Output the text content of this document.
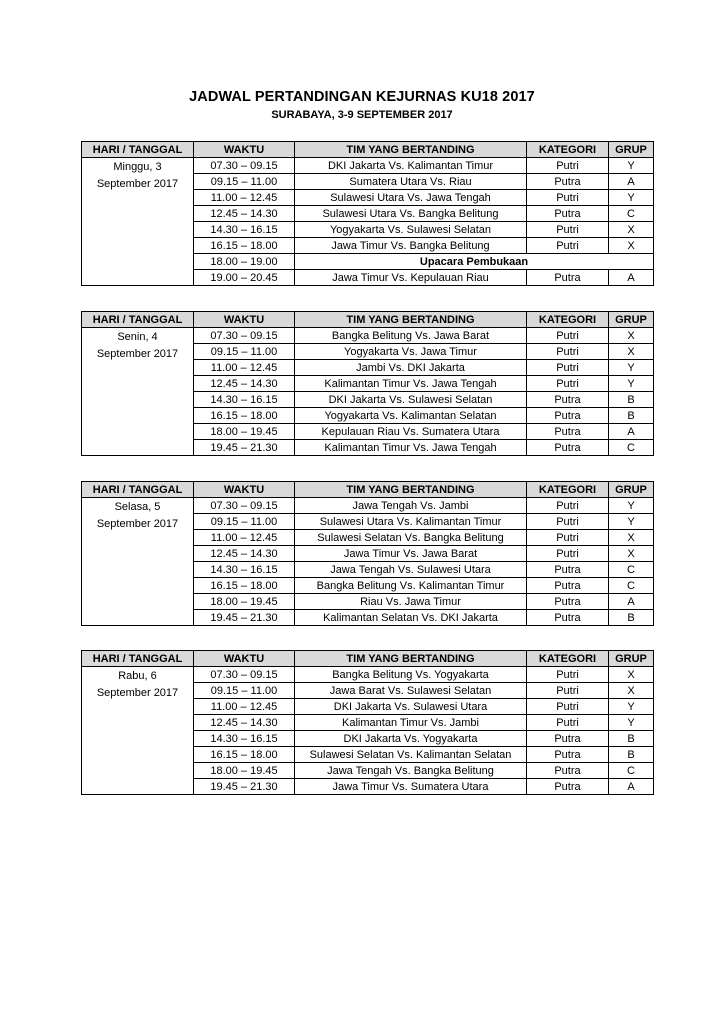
JADWAL PERTANDINGAN KEJURNAS KU18 2017
SURABAYA, 3-9 SEPTEMBER 2017
HARI / TANGGAL	WAKTU	TIM YANG BERTANDING	KATEGORI	GRUP

Minggu, 3
September 2017	07.30 – 09.15	DKI Jakarta Vs. Kalimantan Timur	Putri	Y
	09.15 – 11.00	Sumatera Utara Vs. Riau	Putra	A
	11.00 – 12.45	Sulawesi Utara Vs. Jawa Tengah	Putri	Y
	12.45 – 14.30	Sulawesi Utara Vs. Bangka Belitung	Putra	C
	14.30 – 16.15	Yogyakarta Vs. Sulawesi Selatan	Putri	X
	16.15 – 18.00	Jawa Timur Vs. Bangka Belitung	Putri	X
	18.00 – 19.00	Upacara Pembukaan		
	19.00 – 20.45	Jawa Timur Vs. Kepulauan Riau	Putra	A
HARI / TANGGAL	WAKTU	TIM YANG BERTANDING	KATEGORI	GRUP

Senin, 4
September 2017	07.30 – 09.15	Bangka Belitung Vs. Jawa Barat	Putri	X
	09.15 – 11.00	Yogyakarta Vs. Jawa Timur	Putri	X
	11.00 – 12.45	Jambi Vs. DKI Jakarta	Putri	Y
	12.45 – 14.30	Kalimantan Timur Vs. Jawa Tengah	Putri	Y
	14.30 – 16.15	DKI Jakarta Vs. Sulawesi Selatan	Putra	B
	16.15 – 18.00	Yogyakarta Vs. Kalimantan Selatan	Putra	B
	18.00 – 19.45	Kepulauan Riau Vs. Sumatera Utara	Putra	A
	19.45 – 21.30	Kalimantan Timur Vs. Jawa Tengah	Putra	C
HARI / TANGGAL	WAKTU	TIM YANG BERTANDING	KATEGORI	GRUP

Selasa, 5
September 2017	07.30 – 09.15	Jawa Tengah Vs. Jambi	Putri	Y
	09.15 – 11.00	Sulawesi Utara Vs. Kalimantan Timur	Putri	Y
	11.00 – 12.45	Sulawesi Selatan Vs. Bangka Belitung	Putri	X
	12.45 – 14.30	Jawa Timur Vs. Jawa Barat	Putri	X
	14.30 – 16.15	Jawa Tengah Vs. Sulawesi Utara	Putra	C
	16.15 – 18.00	Bangka Belitung Vs. Kalimantan Timur	Putra	C
	18.00 – 19.45	Riau Vs. Jawa Timur	Putra	A
	19.45 – 21.30	Kalimantan Selatan Vs. DKI Jakarta	Putra	B
HARI / TANGGAL	WAKTU	TIM YANG BERTANDING	KATEGORI	GRUP

Rabu, 6
September 2017	07.30 – 09.15	Bangka Belitung Vs. Yogyakarta	Putri	X
	09.15 – 11.00	Jawa Barat Vs. Sulawesi Selatan	Putri	X
	11.00 – 12.45	DKI Jakarta Vs. Sulawesi Utara	Putri	Y
	12.45 – 14.30	Kalimantan Timur Vs. Jambi	Putri	Y
	14.30 – 16.15	DKI Jakarta Vs. Yogyakarta	Putra	B
	16.15 – 18.00	Sulawesi Selatan Vs. Kalimantan Selatan	Putra	B
	18.00 – 19.45	Jawa Tengah Vs. Bangka Belitung	Putra	C
	19.45 – 21.30	Jawa Timur Vs. Sumatera Utara	Putra	A
